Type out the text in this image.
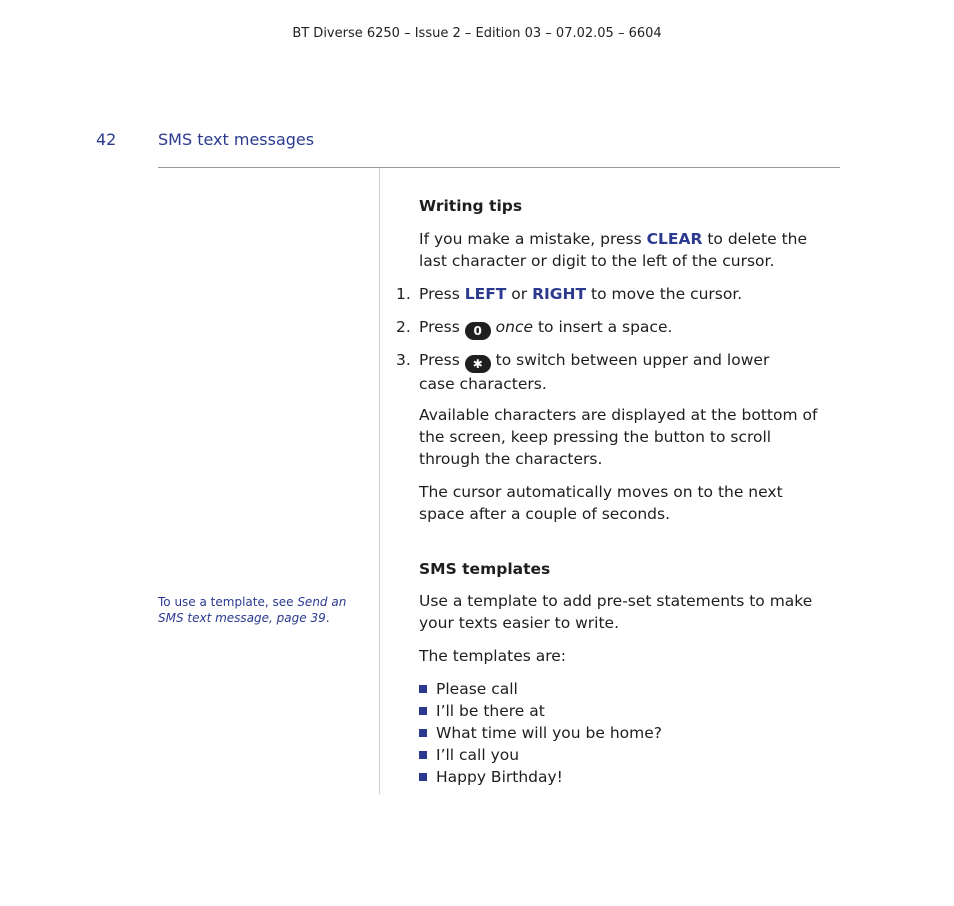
BT Diverse 6250 – Issue 2 – Edition 03 – 07.02.05 – 6604
42	SMS text messages
Writing tips
If you make a mistake, press CLEAR to delete the last character or digit to the left of the cursor.
1. Press LEFT or RIGHT to move the cursor.
2. Press 0 once to insert a space.
3. Press ✱ to switch between upper and lower case characters.
Available characters are displayed at the bottom of the screen, keep pressing the button to scroll through the characters.
The cursor automatically moves on to the next space after a couple of seconds.
SMS templates
Use a template to add pre-set statements to make your texts easier to write.
The templates are:
Please call
I’ll be there at
What time will you be home?
I’ll call you
Happy Birthday!
To use a template, see Send an SMS text message, page 39.
